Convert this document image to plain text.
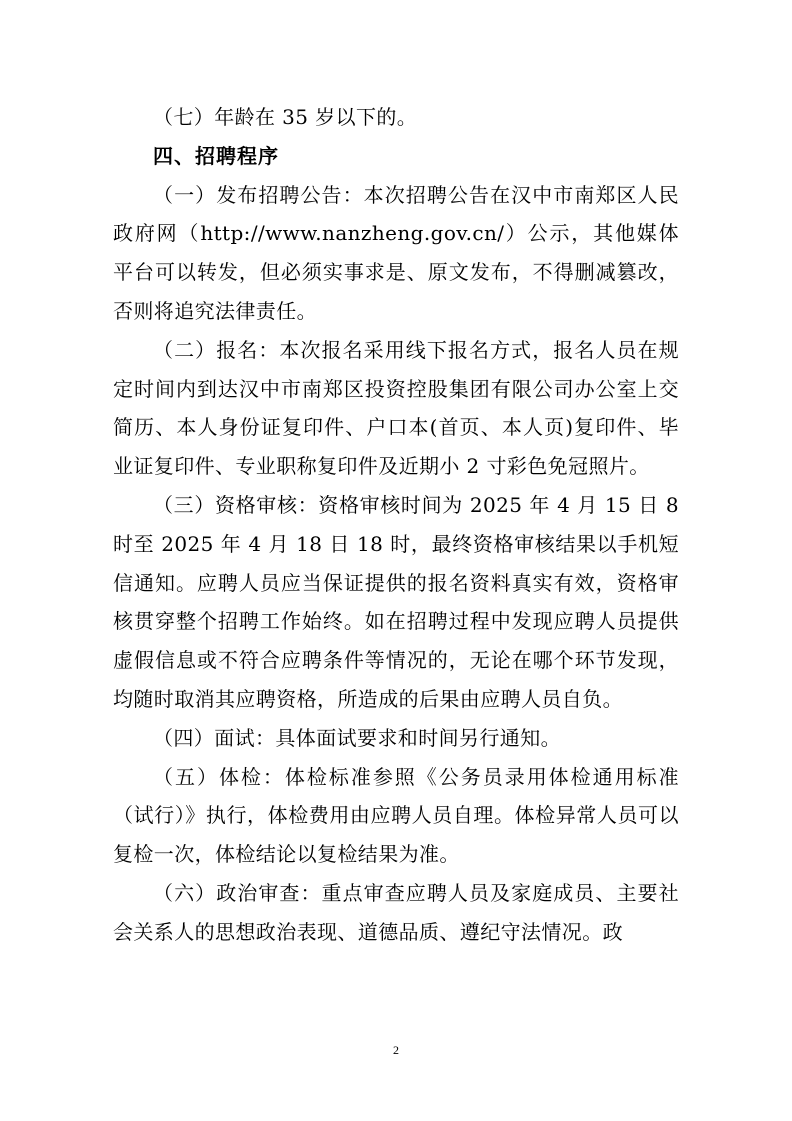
（七）年龄在 35 岁以下的。

四、招聘程序

（一）发布招聘公告：本次招聘公告在汉中市南郑区人民政府网（http://www.nanzheng.gov.cn/）公示，其他媒体平台可以转发，但必须实事求是、原文发布，不得删减篡改，否则将追究法律责任。

（二）报名：本次报名采用线下报名方式，报名人员在规定时间内到达汉中市南郑区投资控股集团有限公司办公室上交简历、本人身份证复印件、户口本(首页、本人页)复印件、毕业证复印件、专业职称复印件及近期小 2 寸彩色免冠照片。

（三）资格审核：资格审核时间为 2025 年 4 月 15 日 8 时至 2025 年 4 月 18 日 18 时，最终资格审核结果以手机短信通知。应聘人员应当保证提供的报名资料真实有效，资格审核贯穿整个招聘工作始终。如在招聘过程中发现应聘人员提供虚假信息或不符合应聘条件等情况的，无论在哪个环节发现，均随时取消其应聘资格，所造成的后果由应聘人员自负。

（四）面试：具体面试要求和时间另行通知。

（五）体检：体检标准参照《公务员录用体检通用标准（试行）》执行，体检费用由应聘人员自理。体检异常人员可以复检一次，体检结论以复检结果为准。

（六）政治审查：重点审查应聘人员及家庭成员、主要社会关系人的思想政治表现、道德品质、遵纪守法情况。政

2
